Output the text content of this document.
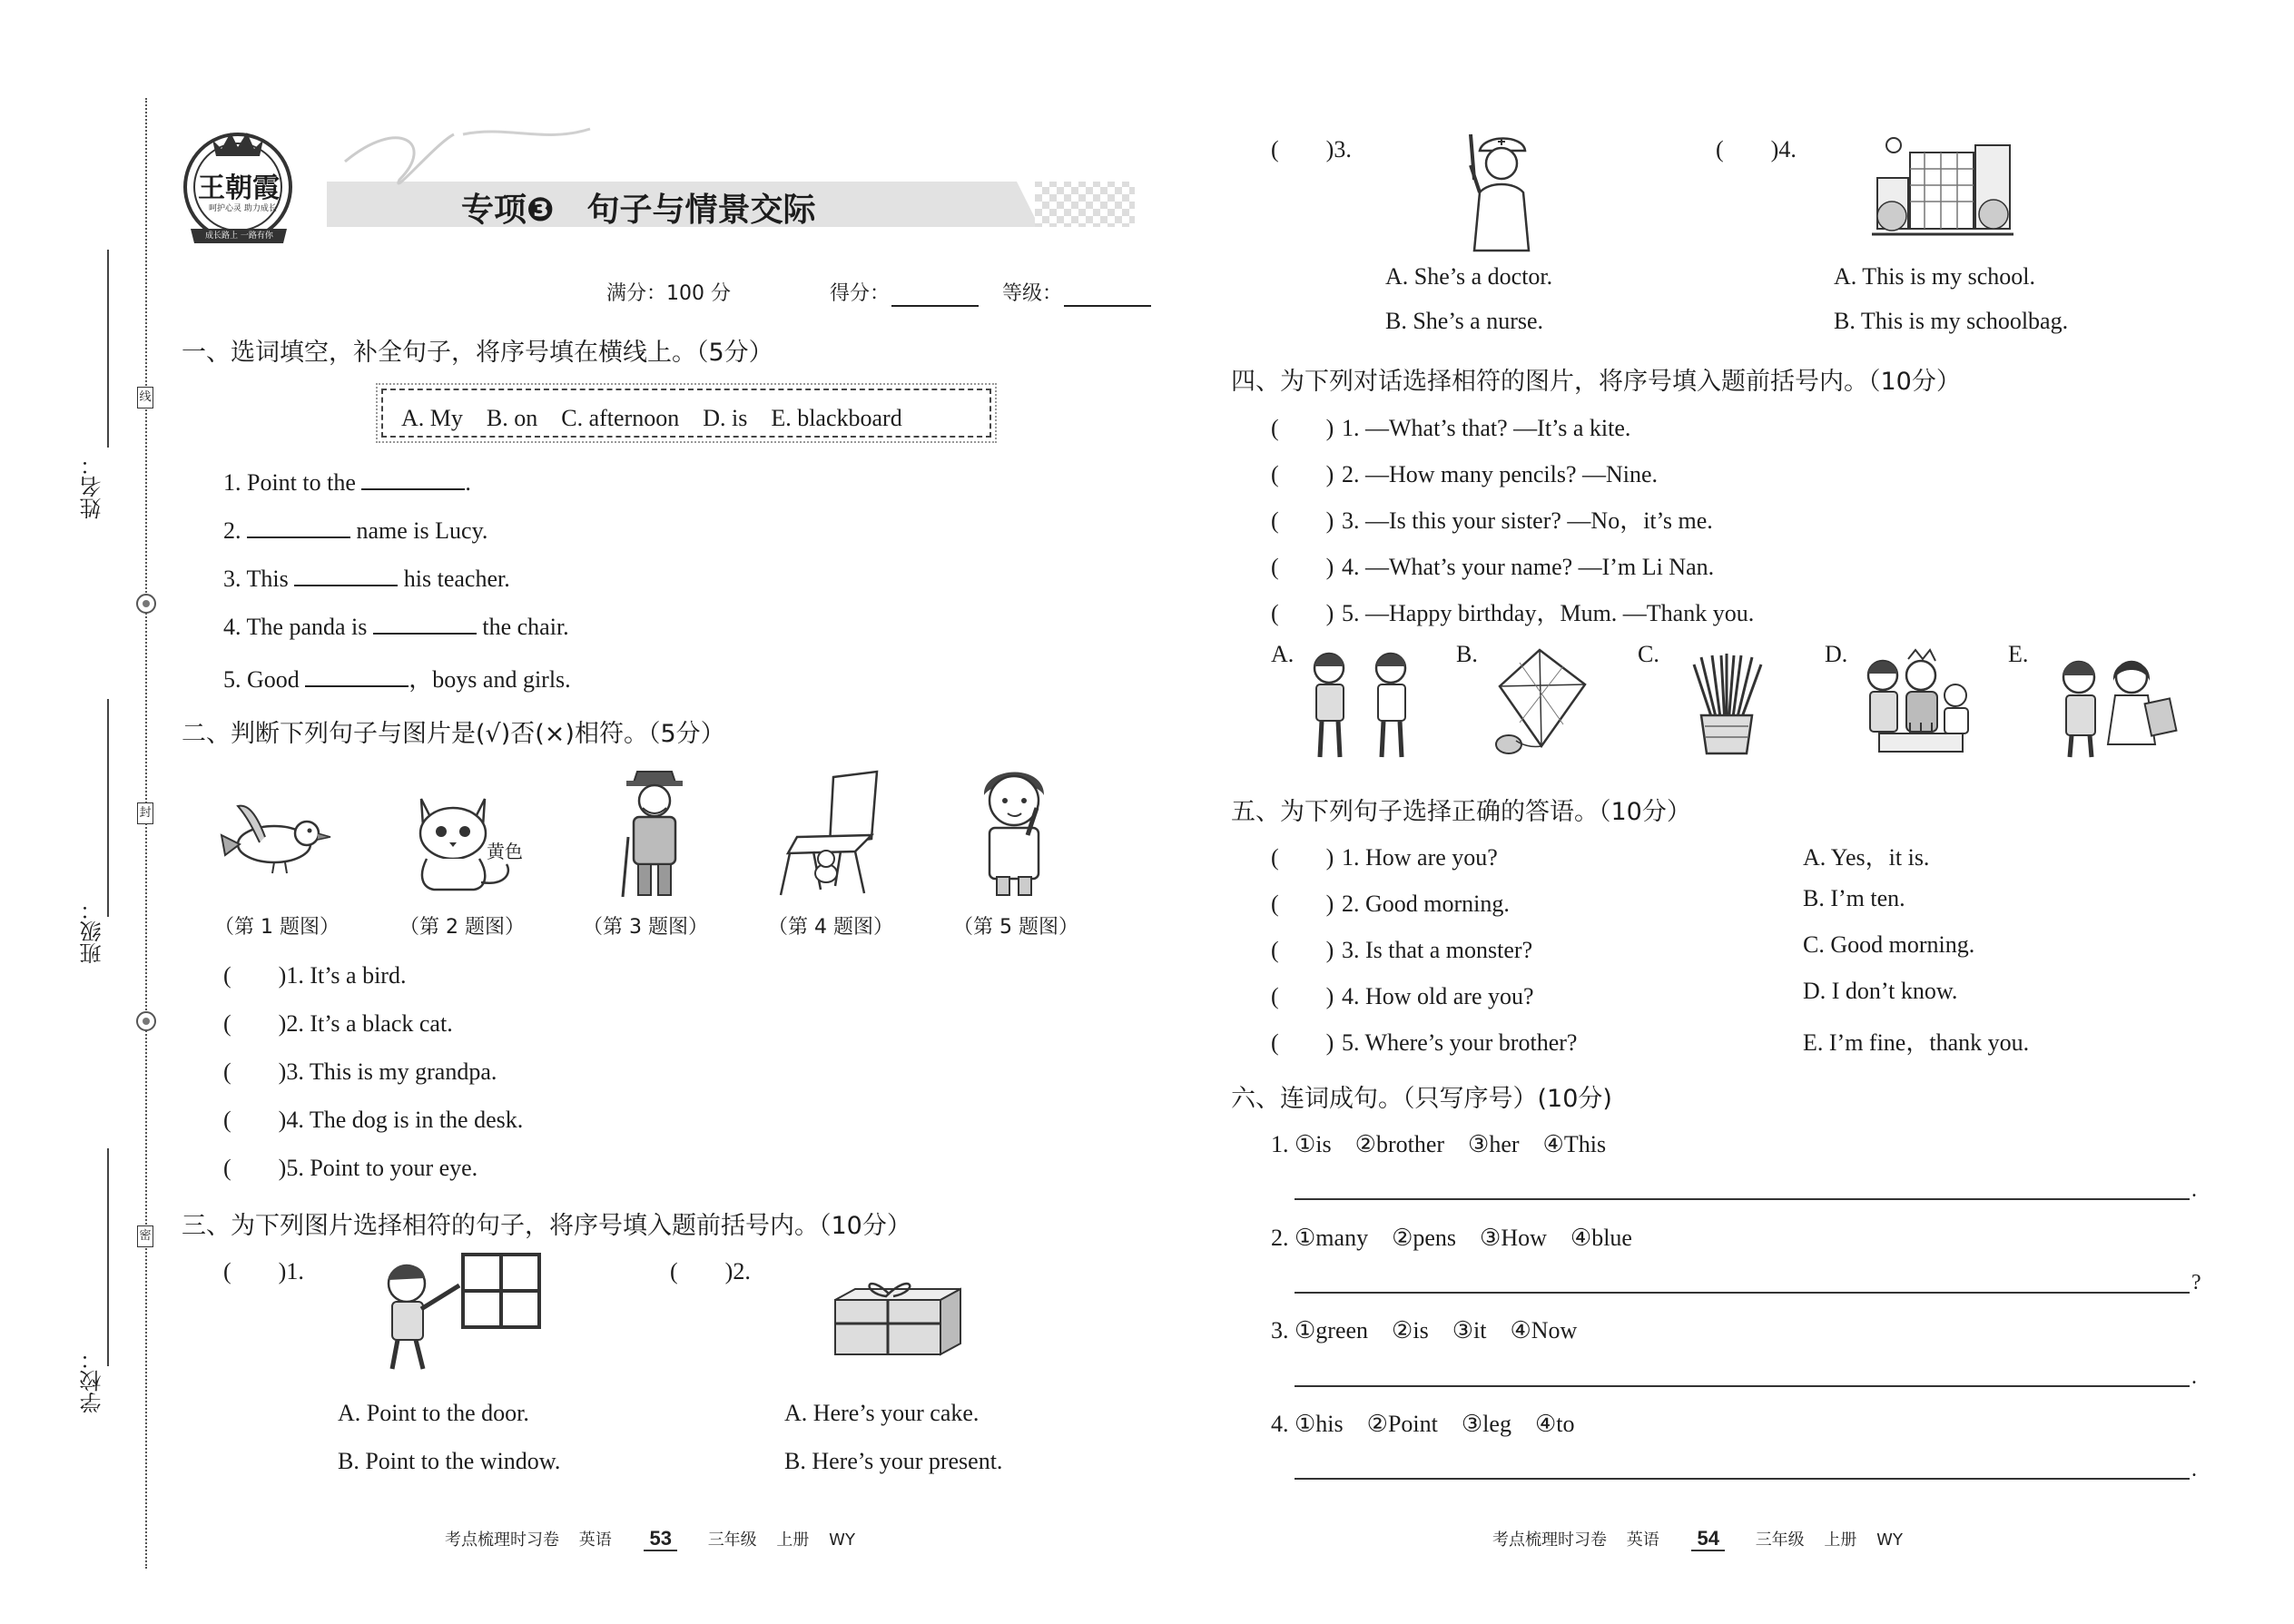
姓名：
班级：
学校：
线
封
密
王朝霞
呵护心灵 助力成长
成长路上 一路有你
专项❸　句子与情景交际
满分：100 分	得分：	等级：
一、选词填空，补全句子，将序号填在横线上。（5分）
A. My　B. on　C. afternoon　D. is　E. blackboard
1. Point to the	.
2.	name is Lucy.
3. This	his teacher.
4. The panda is	the chair.
5. Good	，boys and girls.
二、判断下列句子与图片是(√)否(×)相符。（5分）
黄色
（第 1 题图）	（第 2 题图）	（第 3 题图）	（第 4 题图）	（第 5 题图）
(　　)1. It’s a bird.
(　　)2. It’s a black cat.
(　　)3. This is my grandpa.
(　　)4. The dog is in the desk.
(　　)5. Point to your eye.
三、为下列图片选择相符的句子，将序号填入题前括号内。（10分）
(　　)1.
A. Point to the door.
B. Point to the window.
(　　)2.
A. Here’s your cake.
B. Here’s your present.
(　　)3.
A. She’s a doctor.
B. She’s a nurse.
(　　)4.
A. This is my school.
B. This is my schoolbag.
四、为下列对话选择相符的图片，将序号填入题前括号内。（10分）
(　　) 1. —What’s that? —It’s a kite.
(　　) 2. —How many pencils? —Nine.
(　　) 3. —Is this your sister? —No，it’s me.
(　　) 4. —What’s your name? —I’m Li Nan.
(　　) 5. —Happy birthday，Mum. —Thank you.
A.	B.	C.	D.	E.
五、为下列句子选择正确的答语。（10分）
(　　) 1. How are you?
(　　) 2. Good morning.
(　　) 3. Is that a monster?
(　　) 4. How old are you?
(　　) 5. Where’s your brother?
A. Yes，it is.
B. I’m ten.
C. Good morning.
D. I don’t know.
E. I’m fine，thank you.
六、连词成句。（只写序号）(10分)
1. ①is　②brother　③her　④This
.
2. ①many　②pens　③How　④blue
?
3. ①green　②is　③it　④Now
.
4. ①his　②Point　③leg　④to
.
考点梳理时习卷 英语 53 三年级 上册 WY	考点梳理时习卷 英语 54 三年级 上册 WY
